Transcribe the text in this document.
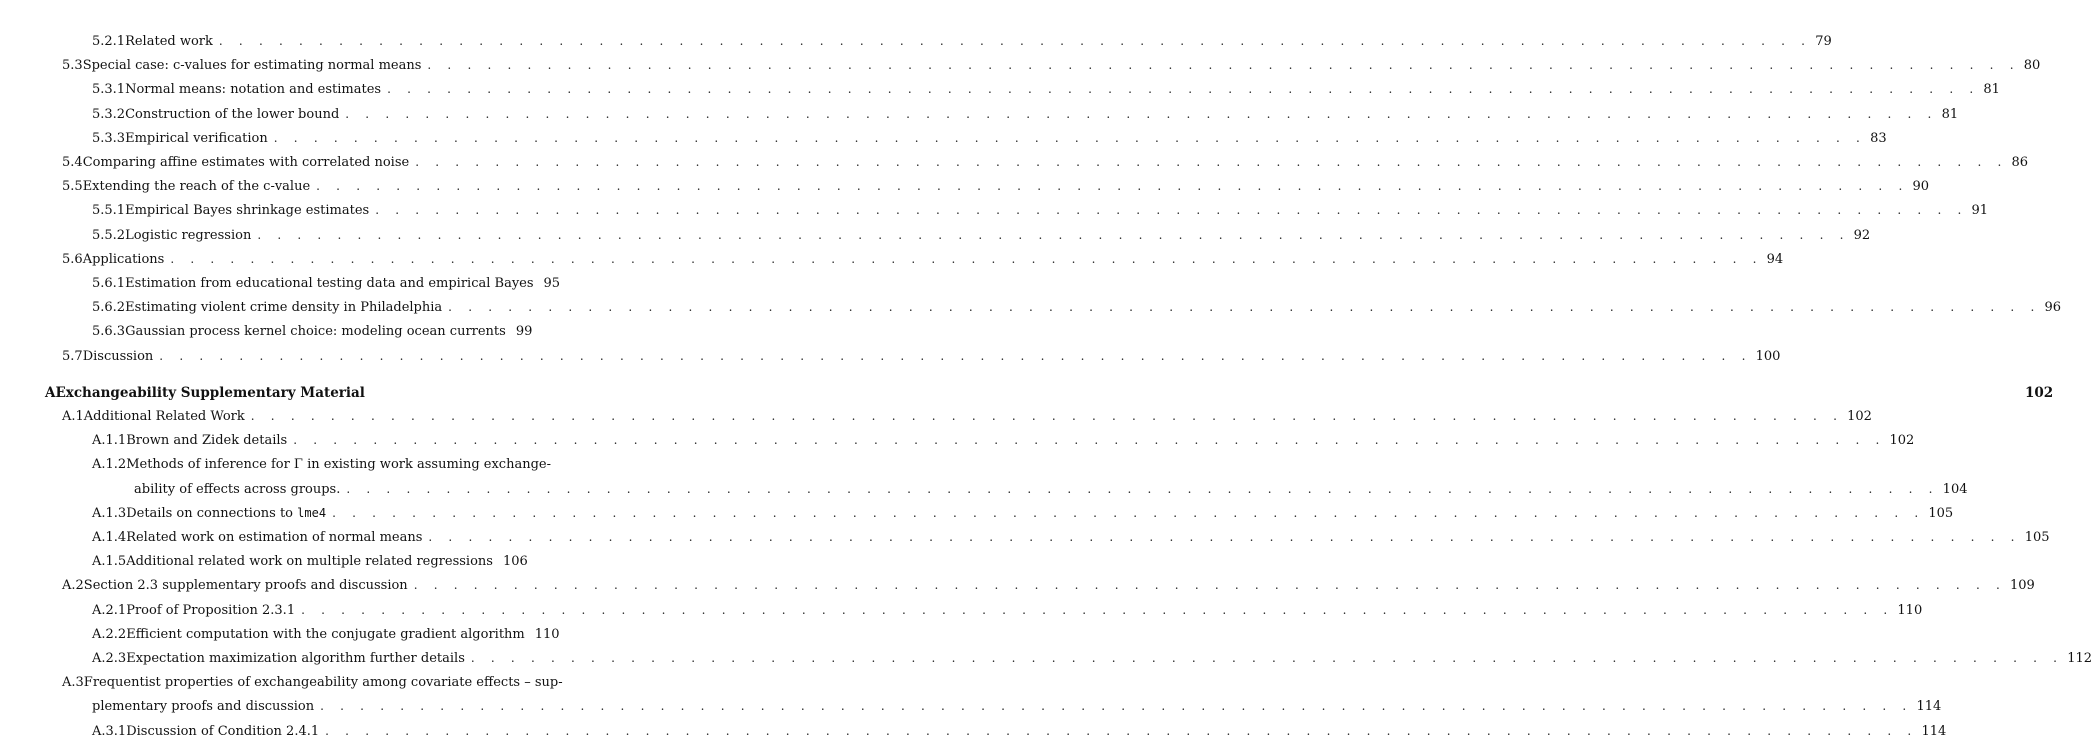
5.2.1 Related work . . . . . . . . . . . . . . . . . . . . . . . . . . . . . . . . . . . . . . . . . . . . . . . . . . . . . . . . . . . . . . . . . . . . . . . . . . . . . . . . 79
5.3 Special case: c-values for estimating normal means . . . . . . . . . . . . . . . . . . . . . . . . . . . . . . . . . . . . . . . . . . . . . . . . . . . . . . . . . . . . . . . . . . . . . . . . . . . . . . . . 80
5.3.1 Normal means: notation and estimates . . . . . . . . . . . . . . . . . . . . . . . . . . . . . . . . . . . . . . . . . . . . . . . . . . . . . . . . . . . . . . . . . . . . . . . . . . . . . . . . 81
5.3.2 Construction of the lower bound . . . . . . . . . . . . . . . . . . . . . . . . . . . . . . . . . . . . . . . . . . . . . . . . . . . . . . . . . . . . . . . . . . . . . . . . . . . . . . . . 81
5.3.3 Empirical verification . . . . . . . . . . . . . . . . . . . . . . . . . . . . . . . . . . . . . . . . . . . . . . . . . . . . . . . . . . . . . . . . . . . . . . . . . . . . . . . . 83
5.4 Comparing affine estimates with correlated noise . . . . . . . . . . . . . . . . . . . . . . . . . . . . . . . . . . . . . . . . . . . . . . . . . . . . . . . . . . . . . . . . . . . . . . . . . . . . . . . . 86
5.5 Extending the reach of the c-value . . . . . . . . . . . . . . . . . . . . . . . . . . . . . . . . . . . . . . . . . . . . . . . . . . . . . . . . . . . . . . . . . . . . . . . . . . . . . . . . 90
5.5.1 Empirical Bayes shrinkage estimates . . . . . . . . . . . . . . . . . . . . . . . . . . . . . . . . . . . . . . . . . . . . . . . . . . . . . . . . . . . . . . . . . . . . . . . . . . . . . . . . 91
5.5.2 Logistic regression . . . . . . . . . . . . . . . . . . . . . . . . . . . . . . . . . . . . . . . . . . . . . . . . . . . . . . . . . . . . . . . . . . . . . . . . . . . . . . . . 92
5.6 Applications . . . . . . . . . . . . . . . . . . . . . . . . . . . . . . . . . . . . . . . . . . . . . . . . . . . . . . . . . . . . . . . . . . . . . . . . . . . . . . . . 94
5.6.1 Estimation from educational testing data and empirical Bayes 95
5.6.2 Estimating violent crime density in Philadelphia . . . . . . . . . . . . . . . . . . . . . . . . . . . . . . . . . . . . . . . . . . . . . . . . . . . . . . . . . . . . . . . . . . . . . . . . . . . . . . . . 96
5.6.3 Gaussian process kernel choice: modeling ocean currents 99
5.7 Discussion . . . . . . . . . . . . . . . . . . . . . . . . . . . . . . . . . . . . . . . . . . . . . . . . . . . . . . . . . . . . . . . . . . . . . . . . . . . . . . . . 100
A Exchangeability Supplementary Material	102
A.1 Additional Related Work . . . . . . . . . . . . . . . . . . . . . . . . . . . . . . . . . . . . . . . . . . . . . . . . . . . . . . . . . . . . . . . . . . . . . . . . . . . . . . . . 102
A.1.1 Brown and Zidek details . . . . . . . . . . . . . . . . . . . . . . . . . . . . . . . . . . . . . . . . . . . . . . . . . . . . . . . . . . . . . . . . . . . . . . . . . . . . . . . . 102
A.1.2 Methods of inference for Γ in existing work assuming exchange-
ability of effects across groups. . . . . . . . . . . . . . . . . . . . . . . . . . . . . . . . . . . . . . . . . . . . . . . . . . . . . . . . . . . . . . . . . . . . . . . . . . . . . . . . . 104
A.1.3 Details on connections to lme4 . . . . . . . . . . . . . . . . . . . . . . . . . . . . . . . . . . . . . . . . . . . . . . . . . . . . . . . . . . . . . . . . . . . . . . . . . . . . . . . . 105
A.1.4 Related work on estimation of normal means . . . . . . . . . . . . . . . . . . . . . . . . . . . . . . . . . . . . . . . . . . . . . . . . . . . . . . . . . . . . . . . . . . . . . . . . . . . . . . . . 105
A.1.5 Additional related work on multiple related regressions 106
A.2 Section 2.3 supplementary proofs and discussion . . . . . . . . . . . . . . . . . . . . . . . . . . . . . . . . . . . . . . . . . . . . . . . . . . . . . . . . . . . . . . . . . . . . . . . . . . . . . . . . 109
A.2.1 Proof of Proposition 2.3.1 . . . . . . . . . . . . . . . . . . . . . . . . . . . . . . . . . . . . . . . . . . . . . . . . . . . . . . . . . . . . . . . . . . . . . . . . . . . . . . . . 110
A.2.2 Efficient computation with the conjugate gradient algorithm 110
A.2.3 Expectation maximization algorithm further details . . . . . . . . . . . . . . . . . . . . . . . . . . . . . . . . . . . . . . . . . . . . . . . . . . . . . . . . . . . . . . . . . . . . . . . . . . . . . . . . 112
A.3 Frequentist properties of exchangeability among covariate effects – sup-
plementary proofs and discussion . . . . . . . . . . . . . . . . . . . . . . . . . . . . . . . . . . . . . . . . . . . . . . . . . . . . . . . . . . . . . . . . . . . . . . . . . . . . . . . . 114
A.3.1 Discussion of Condition 2.4.1 . . . . . . . . . . . . . . . . . . . . . . . . . . . . . . . . . . . . . . . . . . . . . . . . . . . . . . . . . . . . . . . . . . . . . . . . . . . . . . . . 114
